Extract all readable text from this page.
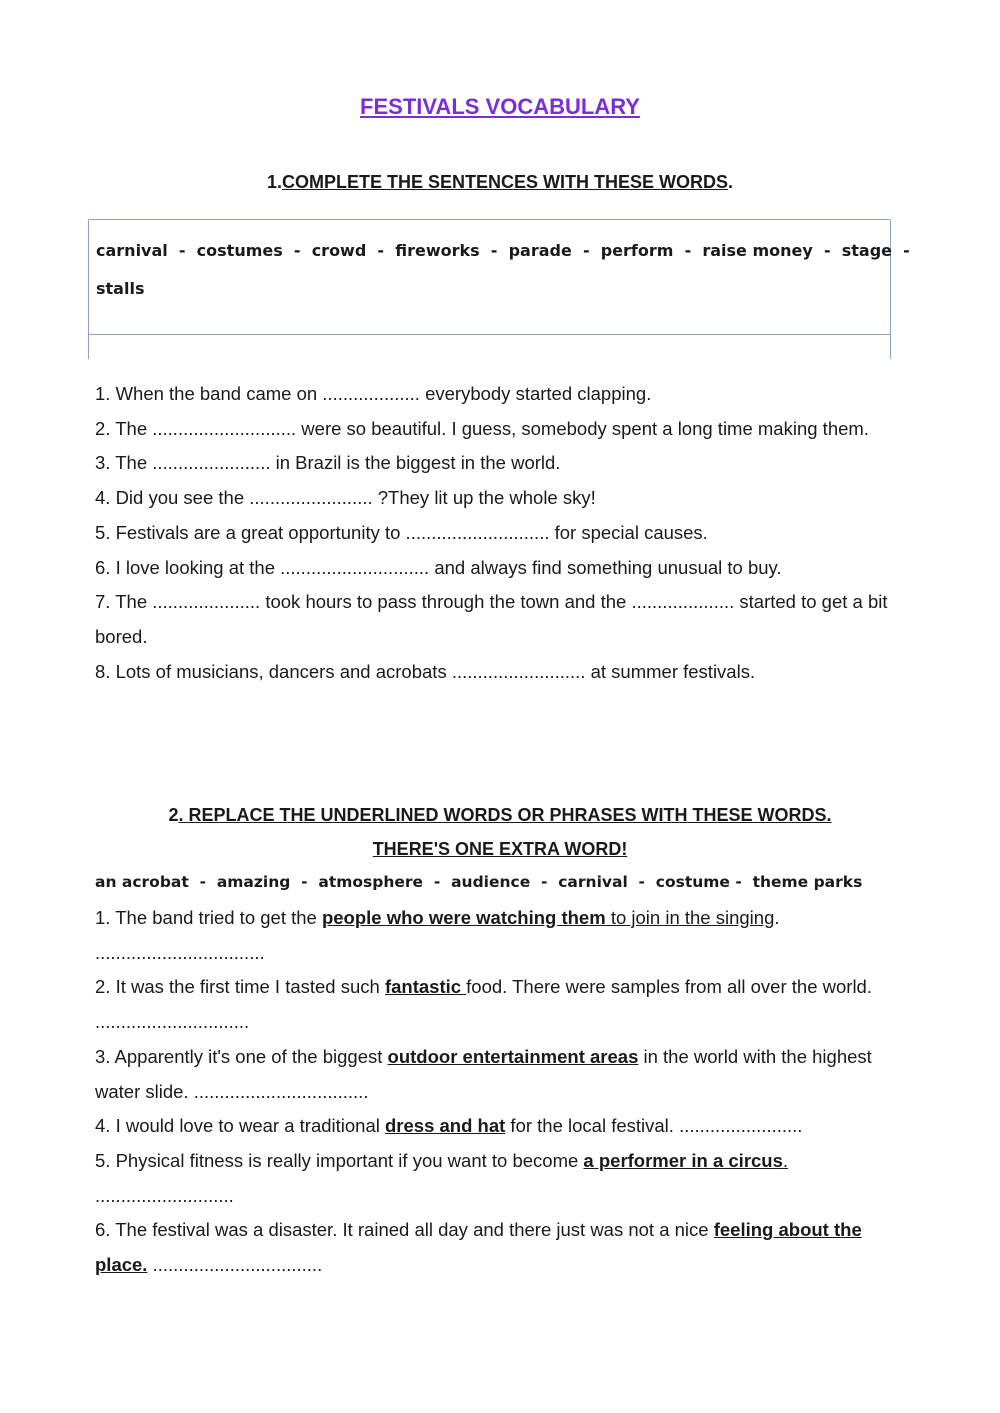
FESTIVALS VOCABULARY
1.COMPLETE THE SENTENCES WITH THESE WORDS.
carnival  -  costumes  -  crowd  -  fireworks  -  parade  -  perform  -  raise money  -  stage  -
stalls
1. When the band came on ................... everybody started clapping.
2. The ............................ were so beautiful. I guess, somebody spent a long time making them.
3. The ....................... in Brazil is the biggest in the world.
4. Did you see the ........................ ?They lit up the whole sky!
5. Festivals are a great opportunity to ............................ for special causes.
6. I love looking at the ............................. and always find something unusual to buy.
7. The ..................... took hours to pass through the town and the .................... started to get a bit bored.
8. Lots of musicians, dancers and acrobats .......................... at summer festivals.
2. REPLACE THE UNDERLINED WORDS OR PHRASES WITH THESE WORDS.
THERE'S ONE EXTRA WORD!
an acrobat  -  amazing  -  atmosphere  -  audience  -  carnival  -  costume -  theme parks
1. The band tried to get the people who were watching them to join in the singing.
.................................
2. It was the first time I tasted such fantastic food. There were samples from all over the world. ..............................
3. Apparently it's one of the biggest outdoor entertainment areas in the world with the highest water slide. ..................................
4. I would love to wear a traditional dress and hat for the local festival. ........................
5. Physical fitness is really important if you want to become a performer in a circus.
...........................
6. The festival was a disaster. It rained all day and there just was not a nice feeling about the place. .................................
